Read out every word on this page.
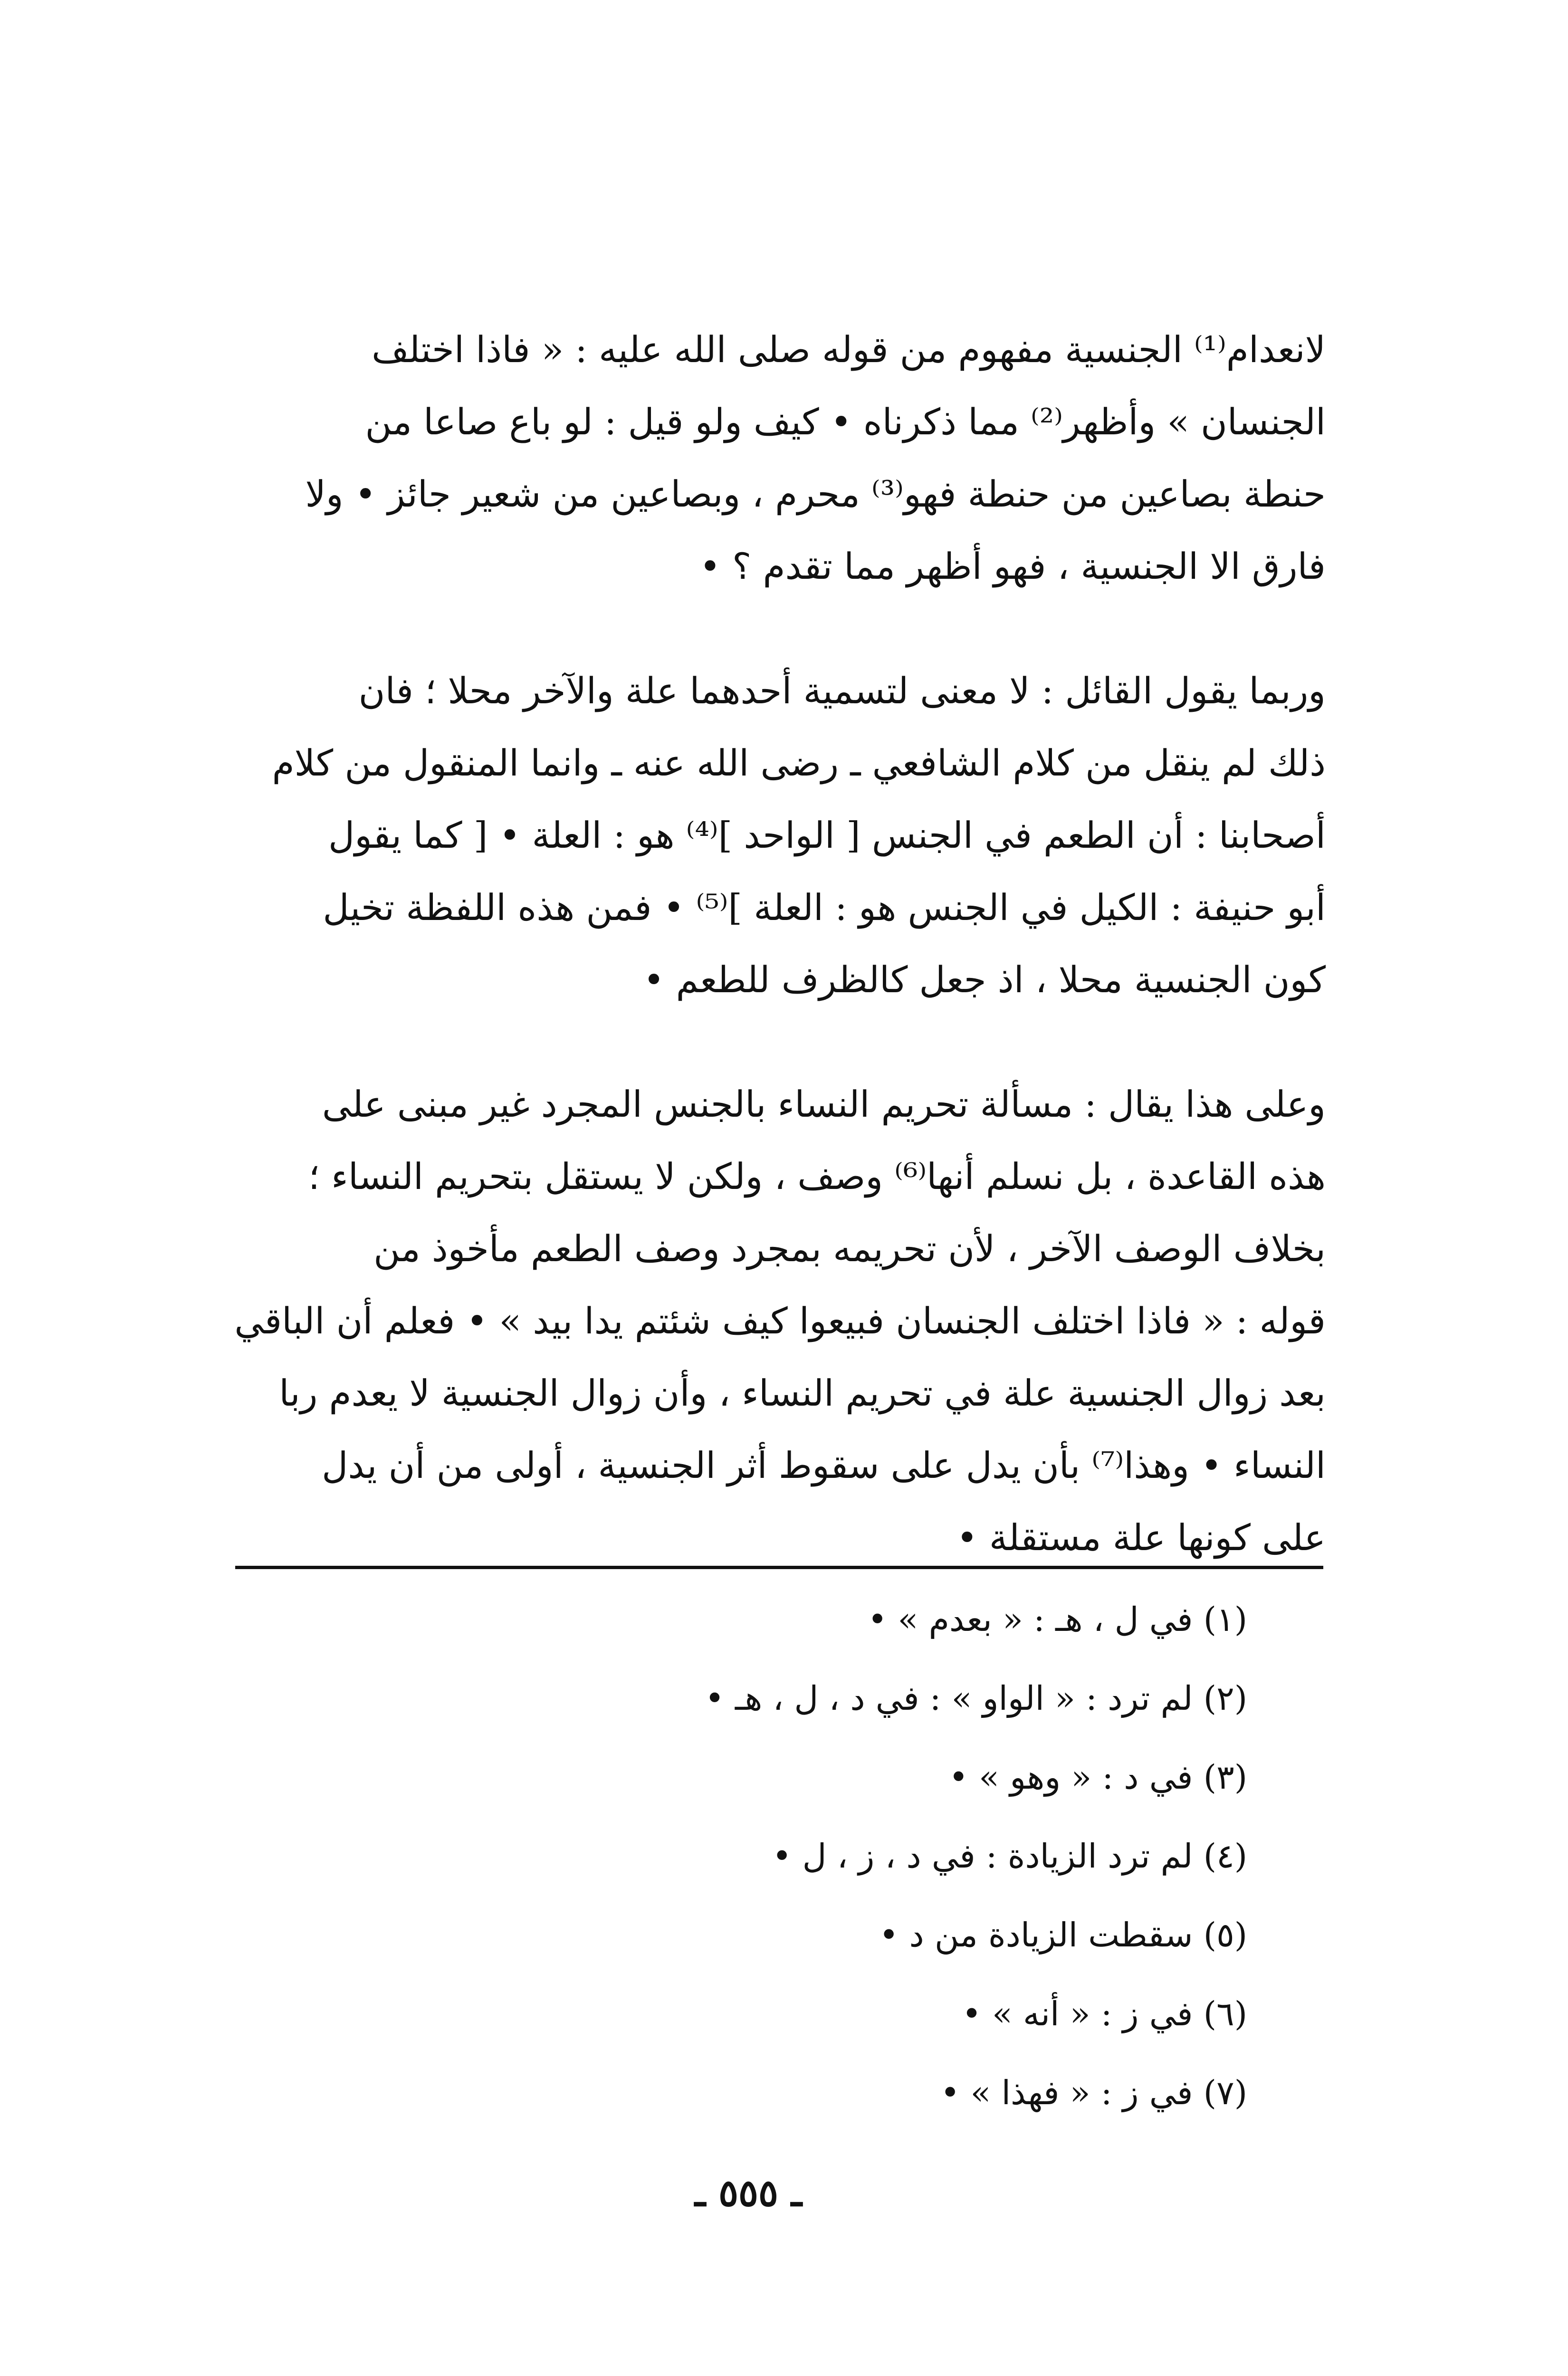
لانعدام⁽¹⁾ الجنسية مفهوم من قوله صلى الله عليه : « فاذا اختلف
الجنسان » وأظهر⁽²⁾ مما ذكرناه • كيف ولو قيل : لو باع صاعا من
حنطة بصاعين من حنطة فهو⁽³⁾ محرم ، وبصاعين من شعير جائز • ولا
فارق الا الجنسية ، فهو أظهر مما تقدم ؟ •

وربما يقول القائل : لا معنى لتسمية أحدهما علة والآخر محلا ؛ فان
ذلك لم ينقل من كلام الشافعي ـ رضى الله عنه ـ وانما المنقول من كلام
أصحابنا : أن الطعم في الجنس [ الواحد ]⁽⁴⁾ هو : العلة • [ كما يقول
أبو حنيفة : الكيل في الجنس هو : العلة ]⁽⁵⁾ • فمن هذه اللفظة تخيل
كون الجنسية محلا ، اذ جعل كالظرف للطعم •

وعلى هذا يقال : مسألة تحريم النساء بالجنس المجرد غير مبنى على
هذه القاعدة ، بل نسلم أنها⁽⁶⁾ وصف ، ولكن لا يستقل بتحريم النساء ؛
بخلاف الوصف الآخر ، لأن تحريمه بمجرد وصف الطعم مأخوذ من
قوله : « فاذا اختلف الجنسان فبيعوا كيف شئتم يدا بيد » • فعلم أن الباقي
بعد زوال الجنسية علة في تحريم النساء ، وأن زوال الجنسية لا يعدم ربا
النساء • وهذا⁽⁷⁾ بأن يدل على سقوط أثر الجنسية ، أولى من أن يدل
على كونها علة مستقلة •

(١) في ل ، هـ : « بعدم » •
(٢) لم ترد : « الواو » : في د ، ل ، هـ •
(٣) في د : « وهو » •
(٤) لم ترد الزيادة : في د ، ز ، ل •
(٥) سقطت الزيادة من د •
(٦) في ز : « أنه » •
(٧) في ز : « فهذا » •
ـ ٥٥٥ ـ
